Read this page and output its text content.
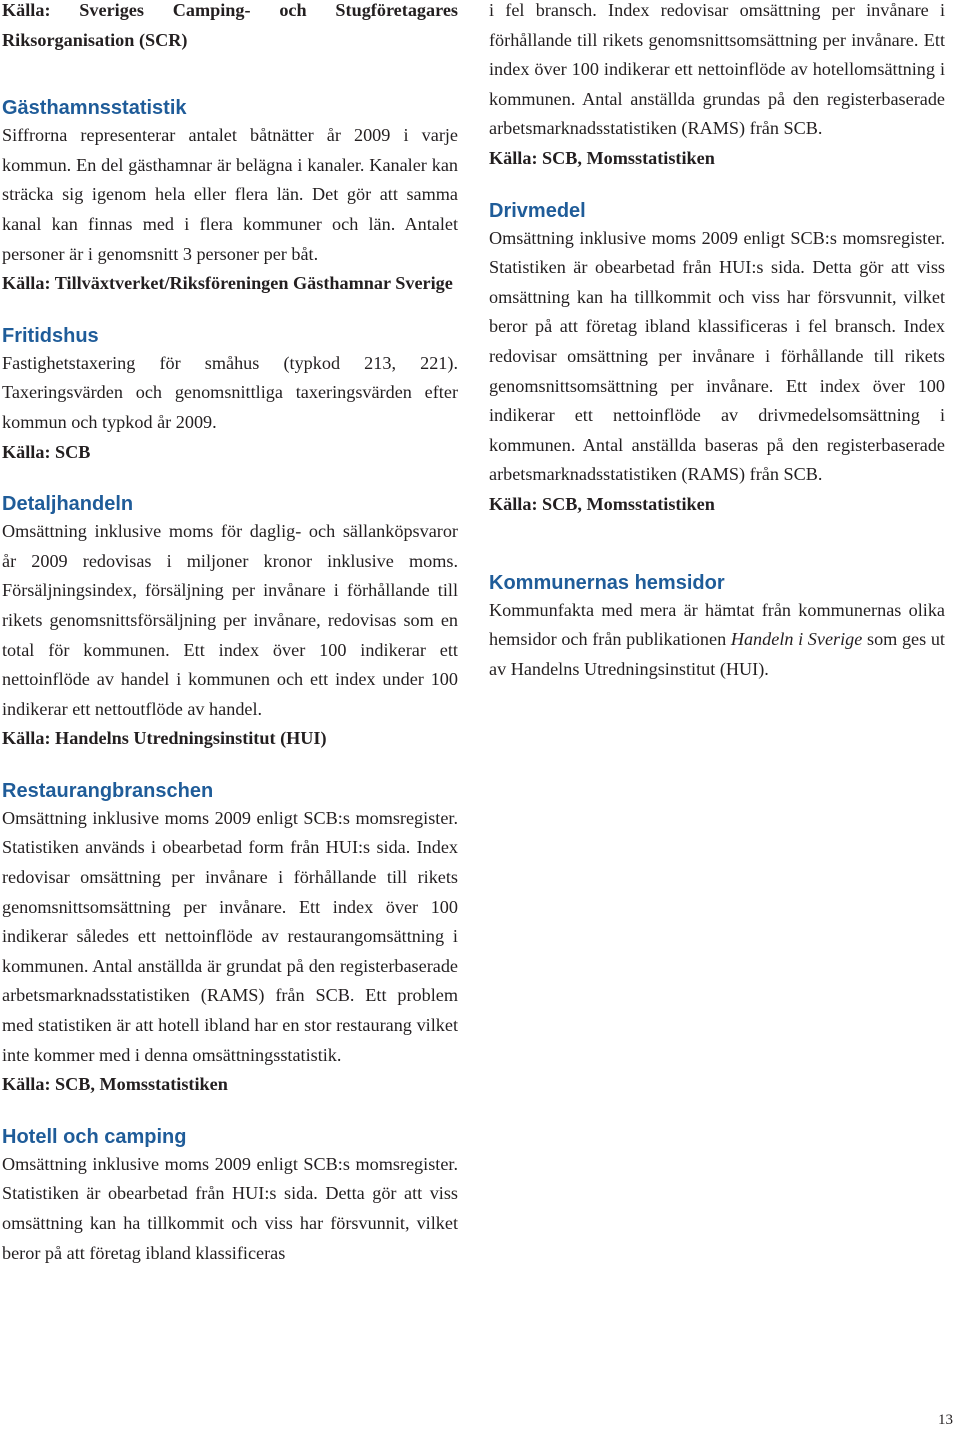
Källa: Sveriges Camping- och Stugföretagares Riksorganisation (SCR)

Gästhamnsstatistik

Siffrorna representerar antalet båtnätter år 2009 i varje kommun. En del gästhamnar är belägna i kanaler. Kanaler kan sträcka sig igenom hela eller flera län. Det gör att samma kanal kan finnas med i flera kommuner och län. Antalet personer är i genomsnitt 3 personer per båt.

Källa: Tillväxtverket/Riksföreningen Gästhamnar Sverige

Fritidshus

Fastighetstaxering för småhus (typkod 213, 221). Taxeringsvärden och genomsnittliga taxeringsvärden efter kommun och typkod år 2009.

Källa: SCB

Detaljhandeln

Omsättning inklusive moms för daglig- och sällanköpsvaror år 2009 redovisas i miljoner kronor inklusive moms. Försäljningsindex, försäljning per invånare i förhållande till rikets genomsnittsförsäljning per invånare, redovisas som en total för kommunen. Ett index över 100 indikerar ett nettoinflöde av handel i kommunen och ett index under 100 indikerar ett nettoutflöde av handel.

Källa: Handelns Utredningsinstitut (HUI)

Restaurangbranschen

Omsättning inklusive moms 2009 enligt SCB:s momsregister. Statistiken används i obearbetad form från HUI:s sida. Index redovisar omsättning per invånare i förhållande till rikets genomsnittsomsättning per invånare. Ett index över 100 indikerar således ett nettoinflöde av restaurangomsättning i kommunen. Antal anställda är grundat på den registerbaserade arbetsmarknadsstatistiken (RAMS) från SCB. Ett problem med statistiken är att hotell ibland har en stor restaurang vilket inte kommer med i denna omsättningsstatistik.

Källa: SCB, Momsstatistiken

Hotell och camping

Omsättning inklusive moms 2009 enligt SCB:s momsregister. Statistiken är obearbetad från HUI:s sida. Detta gör att viss omsättning kan ha tillkommit och viss har försvunnit, vilket beror på att företag ibland klassificeras

i fel bransch. Index redovisar omsättning per invånare i förhållande till rikets genomsnittsomsättning per invånare. Ett index över 100 indikerar ett nettoinflöde av hotellomsättning i kommunen. Antal anställda grundas på den registerbaserade arbetsmarknadsstatistiken (RAMS) från SCB.

Källa: SCB, Momsstatistiken

Drivmedel

Omsättning inklusive moms 2009 enligt SCB:s momsregister. Statistiken är obearbetad från HUI:s sida. Detta gör att viss omsättning kan ha tillkommit och viss har försvunnit, vilket beror på att företag ibland klassificeras i fel bransch. Index redovisar omsättning per invånare i förhållande till rikets genomsnittsomsättning per invånare. Ett index över 100 indikerar ett nettoinflöde av drivmedelsomsättning i kommunen. Antal anställda baseras på den registerbaserade arbetsmarknadsstatistiken (RAMS) från SCB.

Källa: SCB, Momsstatistiken

Kommunernas hemsidor

Kommunfakta med mera är hämtat från kommunernas olika hemsidor och från publikationen Handeln i Sverige som ges ut av Handelns Utredningsinstitut (HUI).

13
